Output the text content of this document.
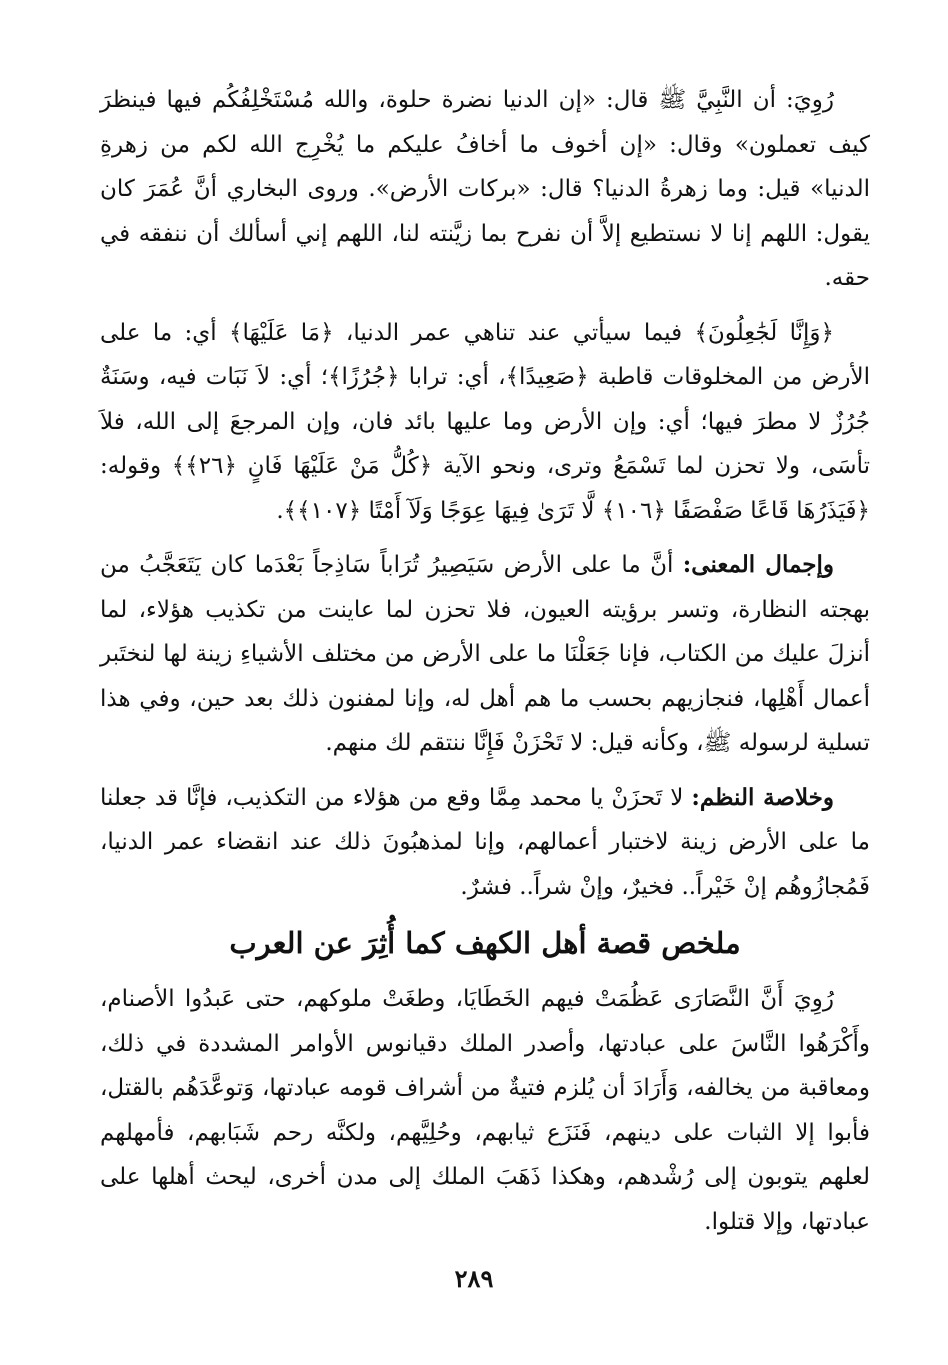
رُوِيَ: أن النَّبِيَّ ﷺ قال: «إن الدنيا نضرة حلوة، والله مُسْتَخْلِفُكُم فيها فينظرَ كيف تعملون» وقال: «إن أخوف ما أخافُ عليكم ما يُخْرِج الله لكم من زهرةِ الدنيا» قيل: وما زهرةُ الدنيا؟ قال: «بركات الأرض». وروى البخاري أنَّ عُمَرَ كان يقول: اللهم إنا لا نستطيع إلاَّ أن نفرح بما زيَّنته لنا، اللهم إني أسألك أن ننفقه في حقه.

﴿وَإِنَّا لَجَٰعِلُونَ﴾ فيما سيأتي عند تناهي عمر الدنيا، ﴿مَا عَلَيْهَا﴾ أي: ما على الأرض من المخلوقات قاطبة ﴿صَعِيدًا﴾، أي: ترابا ﴿جُرُزًا﴾؛ أي: لاَ نَبَات فيه، وسَنَةٌ جُرُزٌ لا مطرَ فيها؛ أي: وإن الأرض وما عليها بائد فان، وإن المرجعَ إلى الله، فلاَ تأسَى، ولا تحزن لما تَسْمَعُ وترى، ونحو الآية ﴿كُلُّ مَنْ عَلَيْهَا فَانٍ ﴿٢٦﴾﴾ وقوله: ﴿فَيَذَرُهَا قَاعًا صَفْصَفًا ﴿١٠٦﴾ لَّا تَرَىٰ فِيهَا عِوَجًا وَلَآ أَمْتًا ﴿١٠٧﴾﴾.

وإجمال المعنى: أنَّ ما على الأرض سَيَصِيرُ تُرَاباً سَاذِجاً بَعْدَما كان يَتَعَجَّبُ من بهجته النظارة، وتسر برؤيته العيون، فلا تحزن لما عاينت من تكذيب هؤلاء، لما أنزلَ عليك من الكتاب، فإنا جَعَلْنَا ما على الأرض من مختلف الأشياءِ زينة لها لنختَبر أعمال أَهْلِها، فنجازيهم بحسب ما هم أهل له، وإنا لمفنون ذلك بعد حين، وفي هذا تسلية لرسوله ﷺ، وكأنه قيل: لا تَحْزَنْ فَإِنَّا ننتقم لك منهم.

وخلاصة النظم: لا تَحزَنْ يا محمد مِمَّا وقع من هؤلاء من التكذيب، فإنَّا قد جعلنا ما على الأرض زينة لاختبار أعمالهم، وإنا لمذهبُونَ ذلك عند انقضاء عمر الدنيا، فَمُجازُوهُم إنْ خَيْراً.. فخيرٌ، وإنْ شراً.. فشرٌ.

ملخص قصة أهل الكهف كما أُثِرَ عن العرب

رُوِيَ أَنَّ النَّصَارَى عَظُمَتْ فيهم الخَطَايَا، وطغَتْ ملوكهم، حتى عَبدُوا الأصنام، وأَكْرَهُوا النَّاسَ على عبادتها، وأصدر الملك دقيانوس الأوامر المشددة في ذلك، ومعاقبة من يخالفه، وَأَرَادَ أن يُلزم فتيةٌ من أشراف قومه عبادتها، وَتوعَّدَهُم بالقتل، فأبوا إلا الثبات على دينهم، فَنَزَع ثيابهم، وحُلِيَّهم، ولكنَّه رحم شَبَابهم، فأمهلهم لعلهم يتوبون إلى رُشْدهم، وهكذا ذَهَبَ الملك إلى مدن أخرى، ليحث أهلها على عبادتها، وإلا قتلوا.

٢٨٩
